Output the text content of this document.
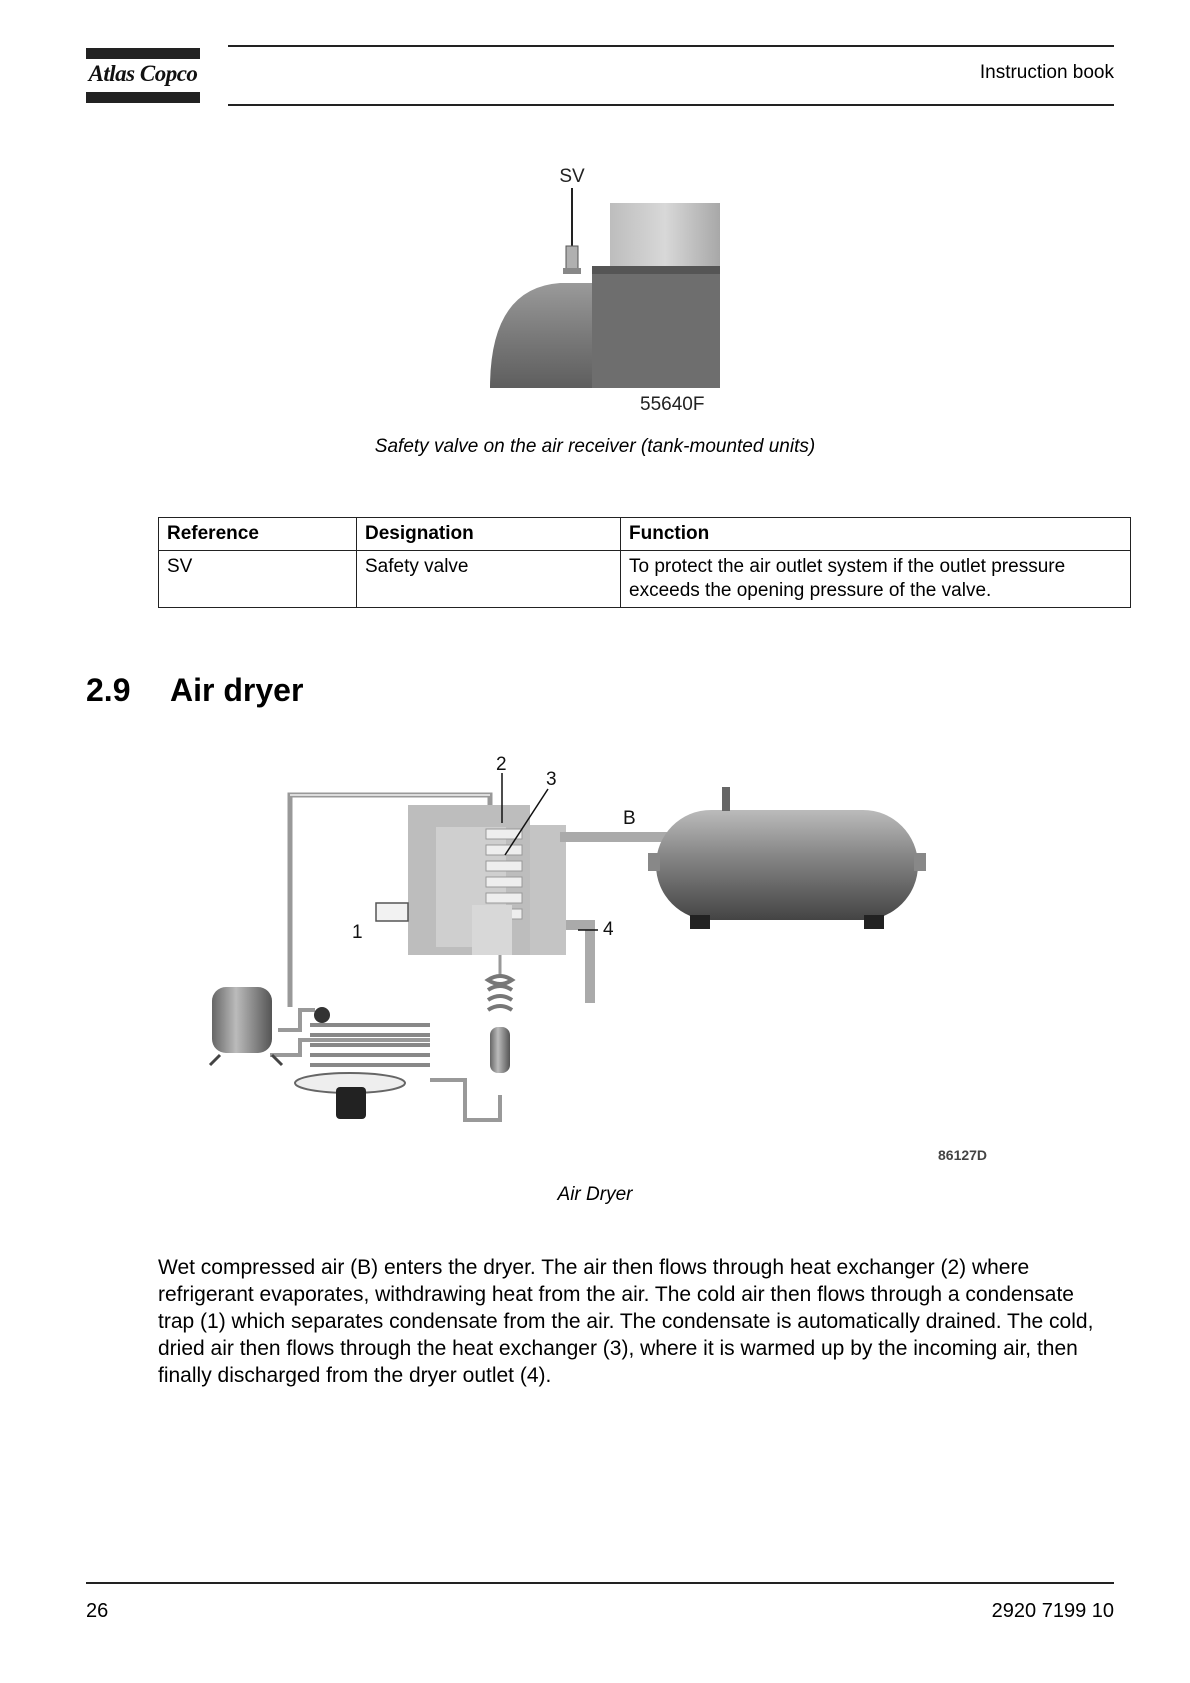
Atlas Copco	Instruction book
SV
55640F
Safety valve on the air receiver (tank-mounted units)
Reference	Designation	Function
SV	Safety valve	To protect the air outlet system if the outlet pressure exceeds the opening pressure of the valve.
2.9 Air dryer
1
2
3
4
B
86127D
Air Dryer
Wet compressed air (B) enters the dryer. The air then flows through heat exchanger (2) where refrigerant evaporates, withdrawing heat from the air. The cold air then flows through a condensate trap (1) which separates condensate from the air. The condensate is automatically drained. The cold, dried air then flows through the heat exchanger (3), where it is warmed up by the incoming air, then finally discharged from the dryer outlet (4).
26	2920 7199 10
